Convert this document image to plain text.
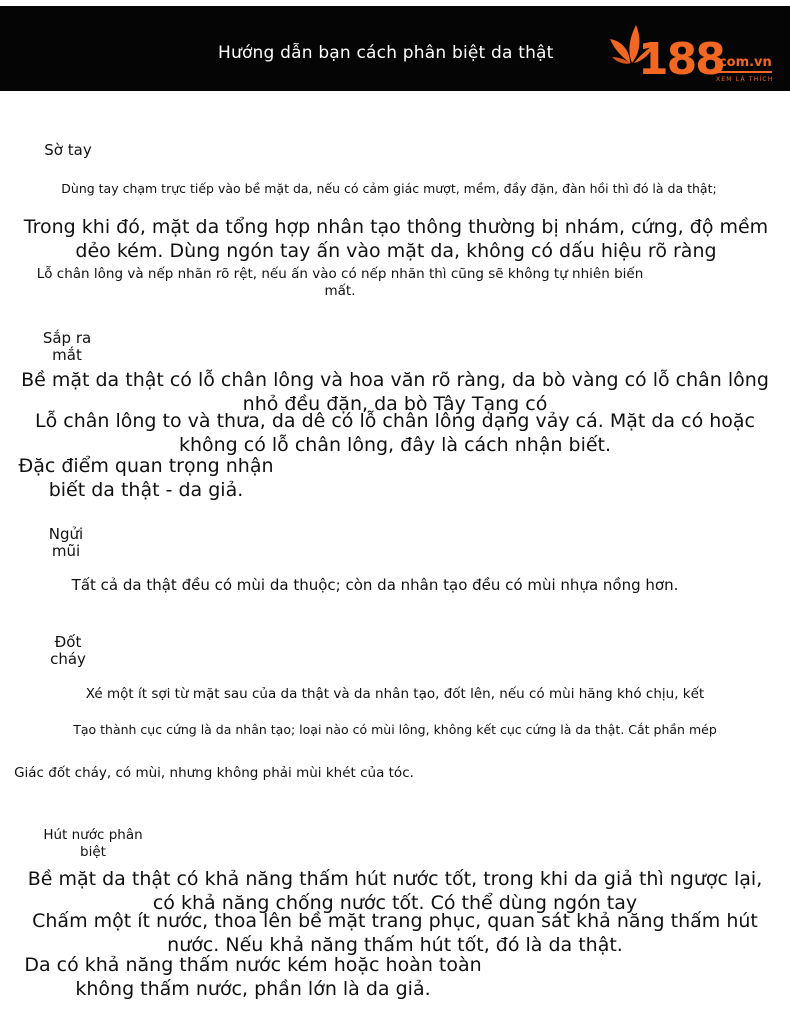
Hướng dẫn bạn cách phân biệt da thật 188
.com.vn
XEM LÀ THÍCH
Sờ tay
Dùng tay chạm trực tiếp vào bề mặt da, nếu có cảm giác mượt, mềm, đầy đặn, đàn hồi thì đó là da thật;
Trong khi đó, mặt da tổng hợp nhân tạo thông thường bị nhám, cứng, độ mềm dẻo kém. Dùng ngón tay ấn vào mặt da, không có dấu hiệu rõ ràng
Lỗ chân lông và nếp nhăn rõ rệt, nếu ấn vào có nếp nhăn thì cũng sẽ không tự nhiên biến mất.
Sắp ra mắt
Bề mặt da thật có lỗ chân lông và hoa văn rõ ràng, da bò vàng có lỗ chân lông nhỏ đều đặn, da bò Tây Tạng có
Lỗ chân lông to và thưa, da dê có lỗ chân lông dạng vảy cá. Mặt da có hoặc không có lỗ chân lông, đây là cách nhận biết.
Đặc điểm quan trọng nhận biết da thật - da giả.
Ngửi mũi
Tất cả da thật đều có mùi da thuộc; còn da nhân tạo đều có mùi nhựa nồng hơn.
Đốt cháy
Xé một ít sợi từ mặt sau của da thật và da nhân tạo, đốt lên, nếu có mùi hăng khó chịu, kết
Tạo thành cục cứng là da nhân tạo; loại nào có mùi lông, không kết cục cứng là da thật. Cắt phần mép
Giác đốt cháy, có mùi, nhưng không phải mùi khét của tóc.
Hút nước phân biệt
Bề mặt da thật có khả năng thấm hút nước tốt, trong khi da giả thì ngược lại, có khả năng chống nước tốt. Có thể dùng ngón tay
Chấm một ít nước, thoa lên bề mặt trang phục, quan sát khả năng thấm hút nước. Nếu khả năng thấm hút tốt, đó là da thật.
Da có khả năng thấm nước kém hoặc hoàn toàn không thấm nước, phần lớn là da giả.
